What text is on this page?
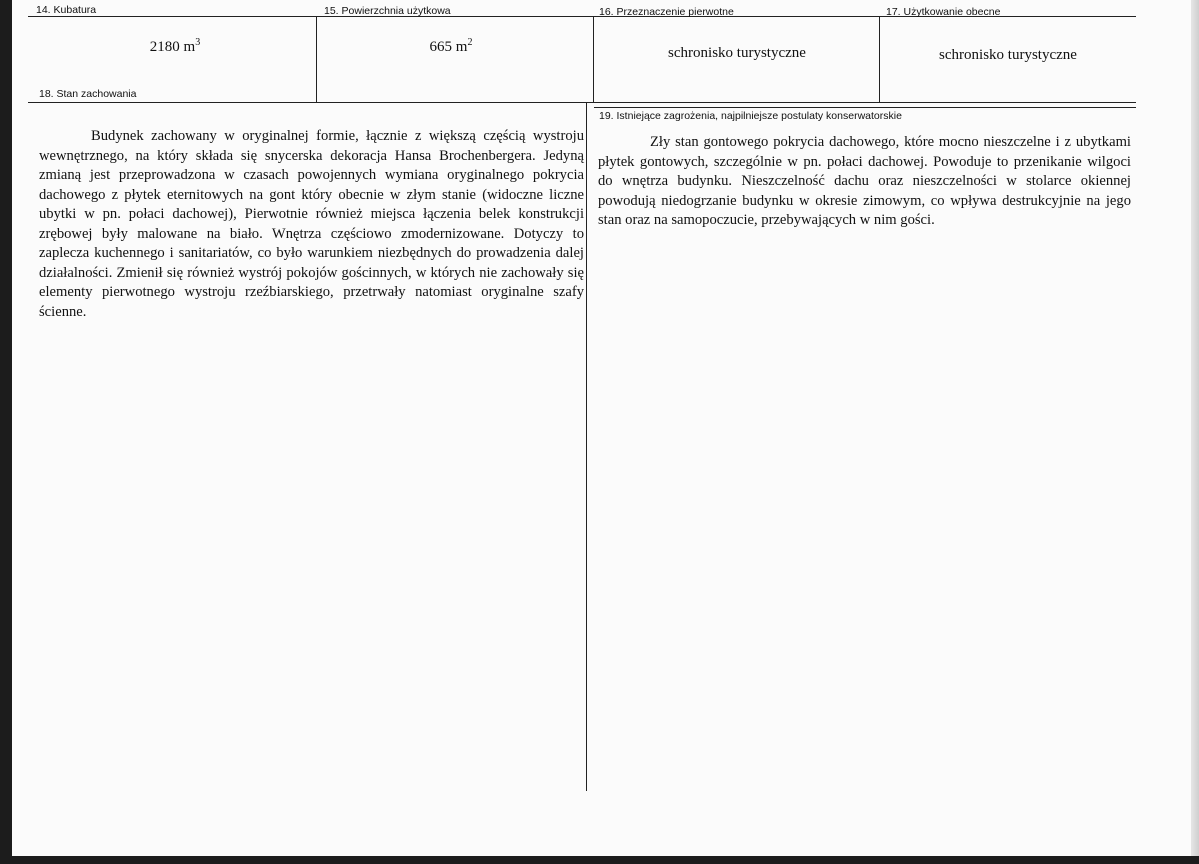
14. Kubatura
2180 $m^3$
15. Powierzchnia użytkowa
665 $m^2$
16. Przeznaczenie pierwotne
schronisko turystyczne
17. Użytkowanie obecne
schronisko turystyczne
18. Stan zachowania

Budynek zachowany w oryginalnej formie, łącznie z większą częścią wystroju wewnętrznego, na który składa się snycerska dekoracja Hansa Brochenbergera. Jedyną zmianą jest przeprowadzona w czasach powojennych wymiana oryginalnego pokrycia dachowego z płytek eternitowych na gont który obecnie w złym stanie (widoczne liczne ubytki w pn. połaci dachowej), Pierwotnie również miejsca łączenia belek konstrukcji zrębowej były malowane na biało. Wnętrza częściowo zmodernizowane. Dotyczy to zaplecza kuchennego i sanitariatów, co było warunkiem niezbędnych do prowadzenia dalej działalności. Zmienił się również wystrój pokojów gościnnych, w których nie zachowały się elementy pierwotnego wystroju rzeźbiarskiego, przetrwały natomiast oryginalne szafy ścienne.

19. Istniejące zagrożenia, najpilniejsze postulaty konserwatorskie

Zły stan gontowego pokrycia dachowego, które mocno nieszczelne i z ubytkami płytek gontowych, szczególnie w pn. połaci dachowej. Powoduje to przenikanie wilgoci do wnętrza budynku. Nieszczelność dachu oraz nieszczelności w stolarce okiennej powodują niedogrzanie budynku w okresie zimowym, co wpływa destrukcyjnie na jego stan oraz na samopoczucie, przebywających w nim gości.
